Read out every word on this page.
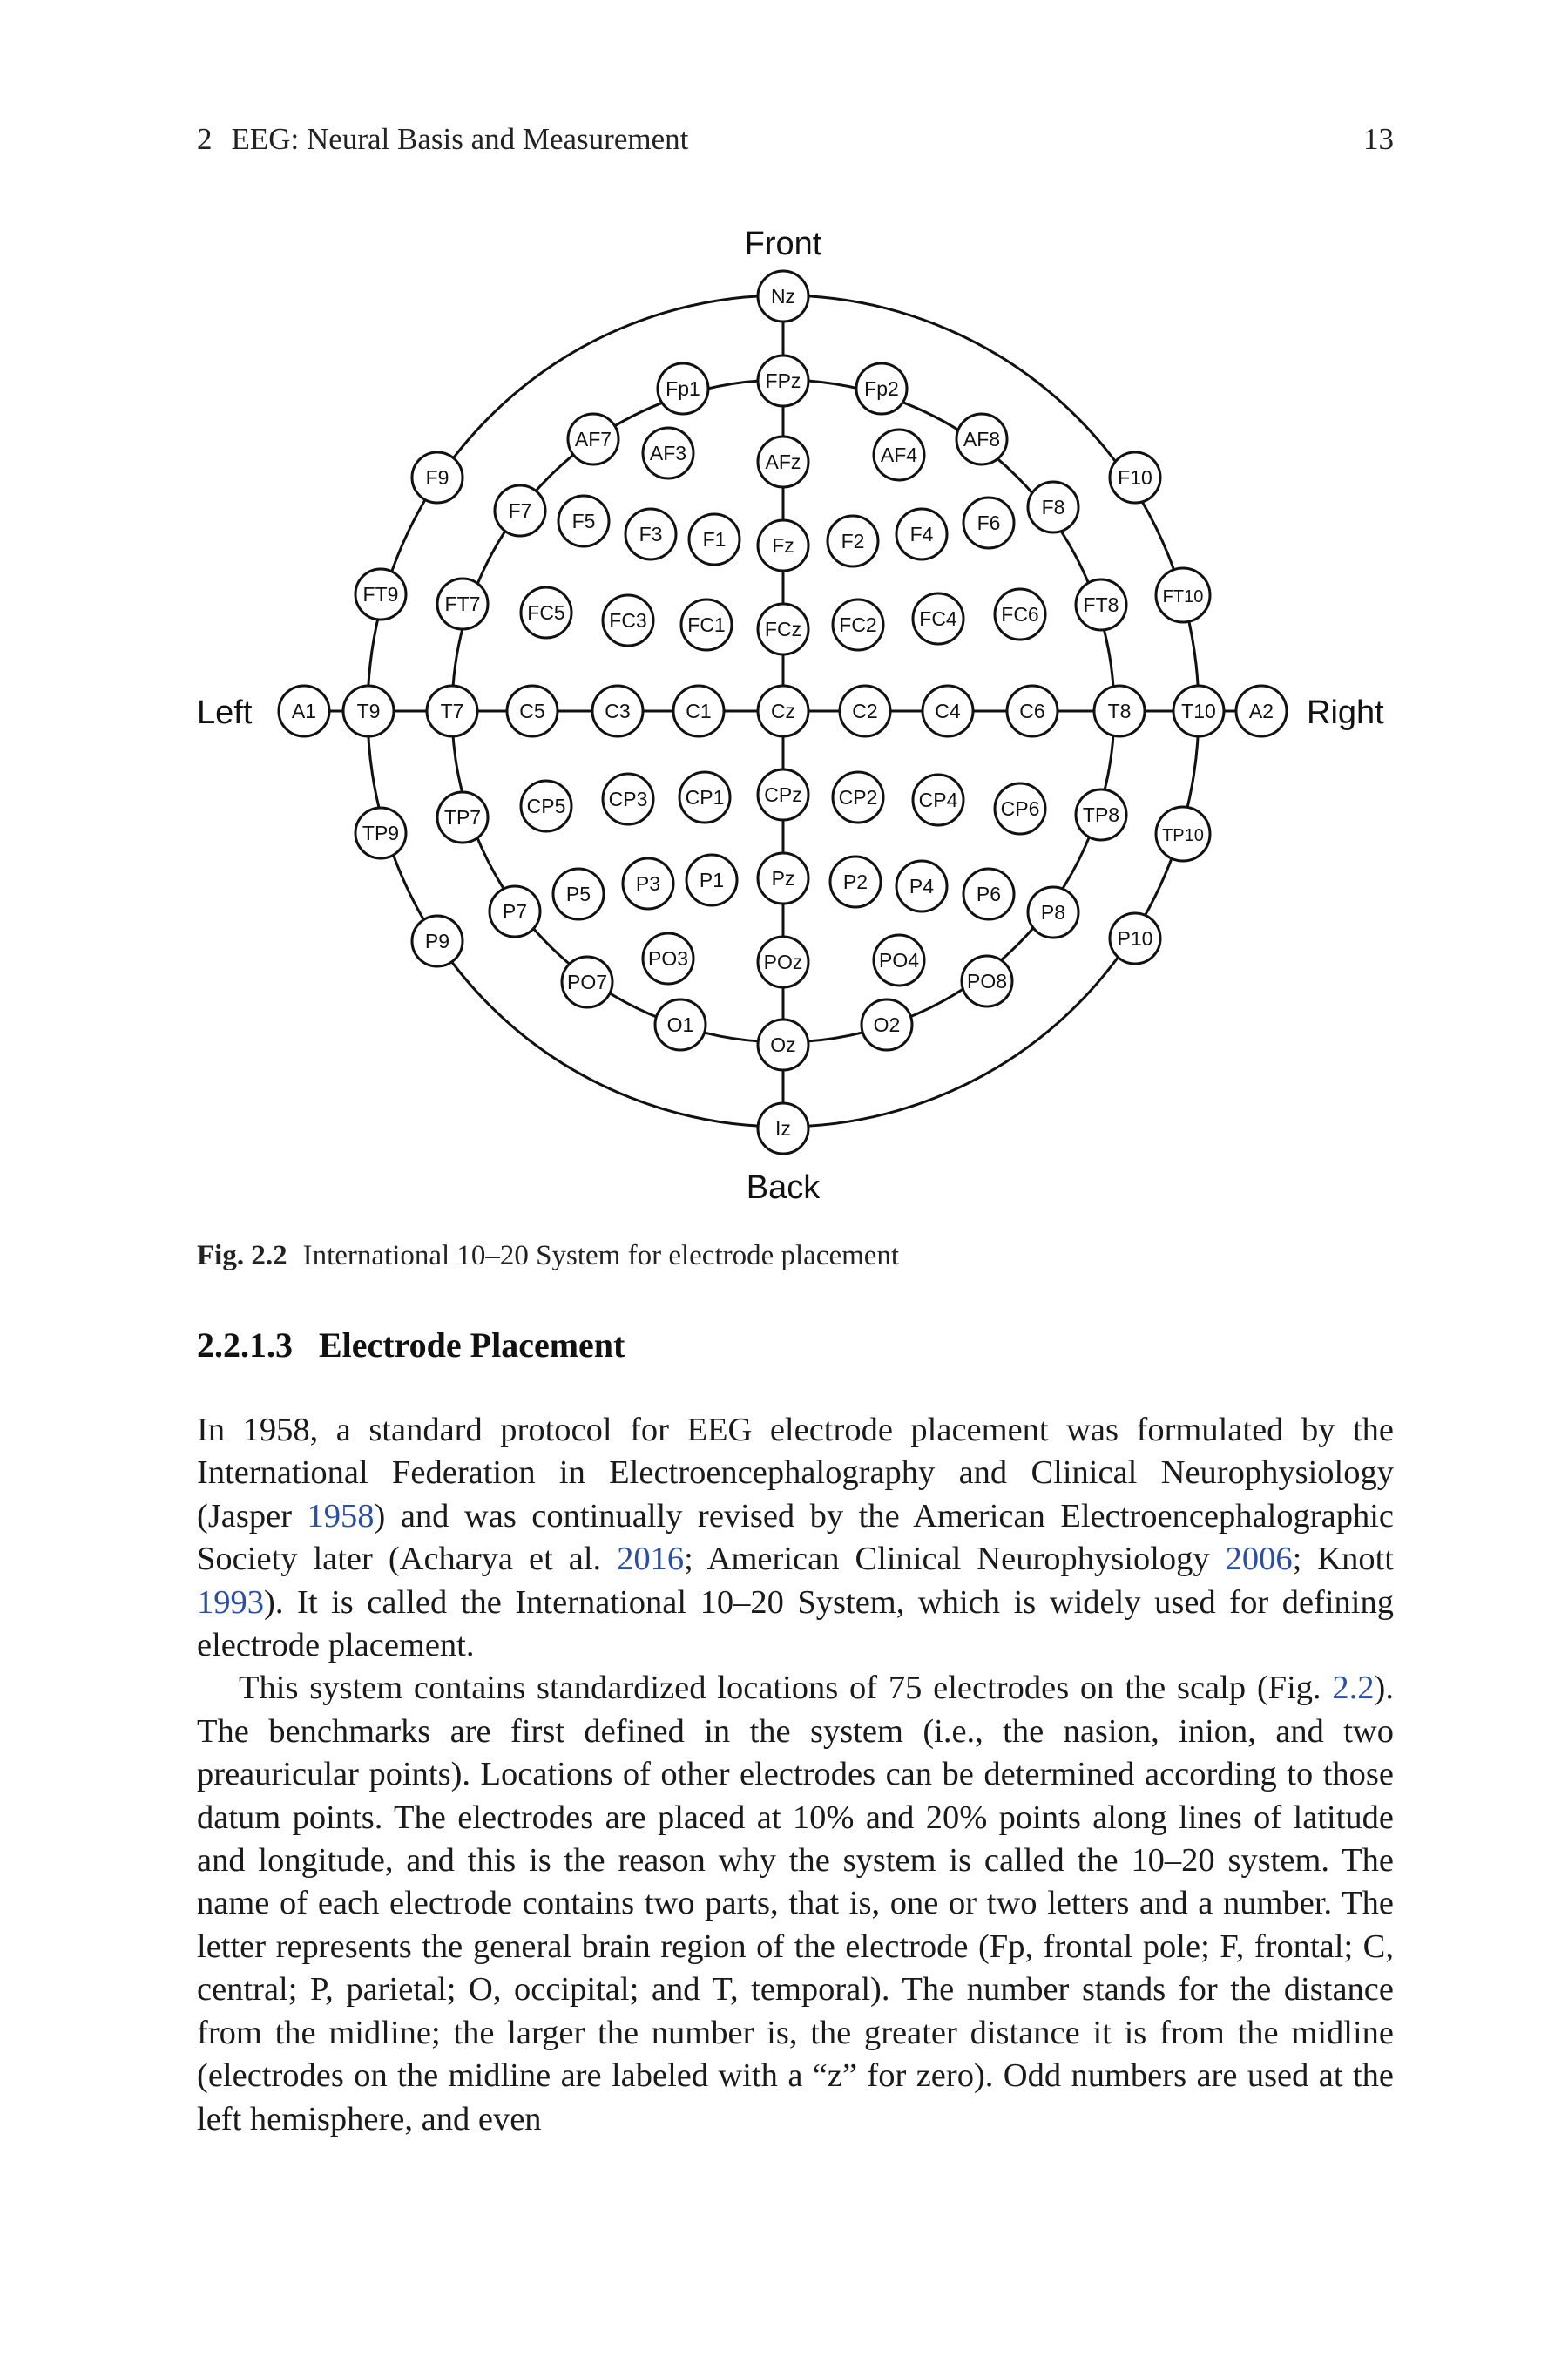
2 EEG: Neural Basis and Measurement	13
Nz
FPz
AFz
Fz
FCz
Cz
CPz
Pz
POz
Oz
Iz
A1 T9	T7	C5	C3	C1	C2	C4	C6	T8	T10 A2
Fp1	Fp2
AF7
AF3	AF4
AF8
F9
F7 F5
F3 F1	F2 F4 F6
F8
F10
FT9 FT7 FC5 FC3 FC1	FC2 FC4 FC6 FT8	FT10
TP9
TP7 CP5 CP3 CP1	CP2 CP4 CP6 TP8
TP10
P9
P7
P5 P3 P1	P2 P4 P6
P8
P10
PO7
PO3	PO4
PO8
O1	O2
Front
Back
Left	Right
Fig. 2.2 International 10–20 System for electrode placement
2.2.1.3 Electrode Placement

In 1958, a standard protocol for EEG electrode placement was formulated by the International Federation in Electroencephalography and Clinical Neurophysiology (Jasper 1958) and was continually revised by the American Electroencephalographic Society later (Acharya et al. 2016; American Clinical Neurophysiology 2006; Knott 1993). It is called the International 10–20 System, which is widely used for defining electrode placement.

This system contains standardized locations of 75 electrodes on the scalp (Fig. 2.2). The benchmarks are first defined in the system (i.e., the nasion, inion, and two preauricular points). Locations of other electrodes can be determined according to those datum points. The electrodes are placed at 10% and 20% points along lines of latitude and longitude, and this is the reason why the system is called the 10–20 system. The name of each electrode contains two parts, that is, one or two letters and a number. The letter represents the general brain region of the electrode (Fp, frontal pole; F, frontal; C, central; P, parietal; O, occipital; and T, temporal). The number stands for the distance from the midline; the larger the number is, the greater distance it is from the midline (electrodes on the midline are labeled with a “z” for zero). Odd numbers are used at the left hemisphere, and even
